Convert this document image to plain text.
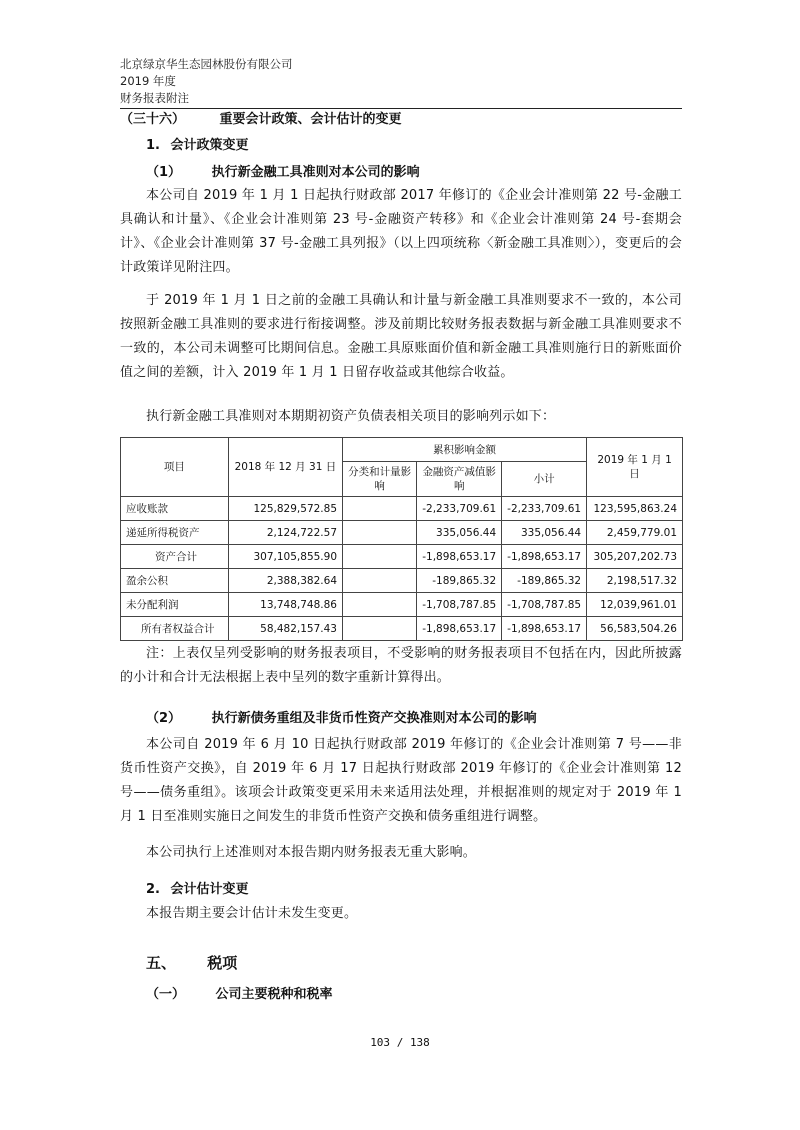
北京绿京华生态园林股份有限公司
2019 年度
财务报表附注
（三十六）	重要会计政策、会计估计的变更
1. 会计政策变更
（1） 执行新金融工具准则对本公司的影响
本公司自 2019 年 1 月 1 日起执行财政部 2017 年修订的《企业会计准则第 22 号-金融工具确认和计量》、《企业会计准则第 23 号-金融资产转移》和《企业会计准则第 24 号-套期会计》、《企业会计准则第 37 号-金融工具列报》（以上四项统称〈新金融工具准则〉），变更后的会计政策详见附注四。
于 2019 年 1 月 1 日之前的金融工具确认和计量与新金融工具准则要求不一致的，本公司按照新金融工具准则的要求进行衔接调整。涉及前期比较财务报表数据与新金融工具准则要求不一致的，本公司未调整可比期间信息。金融工具原账面价值和新金融工具准则施行日的新账面价值之间的差额，计入 2019 年 1 月 1 日留存收益或其他综合收益。
执行新金融工具准则对本期期初资产负债表相关项目的影响列示如下：
项目	2018 年 12 月 31 日	累积影响金额			2019 年 1 月 1 日
		分类和计量影响	金融资产减值影响	小计	
应收账款	125,829,572.85		-2,233,709.61	-2,233,709.61	123,595,863.24
递延所得税资产	2,124,722.57		335,056.44	335,056.44	2,459,779.01
资产合计	307,105,855.90		-1,898,653.17	-1,898,653.17	305,207,202.73
盈余公积	2,388,382.64		-189,865.32	-189,865.32	2,198,517.32
未分配利润	13,748,748.86		-1,708,787.85	-1,708,787.85	12,039,961.01
所有者权益合计	58,482,157.43		-1,898,653.17	-1,898,653.17	56,583,504.26
注：上表仅呈列受影响的财务报表项目，不受影响的财务报表项目不包括在内，因此所披露的小计和合计无法根据上表中呈列的数字重新计算得出。
（2） 执行新债务重组及非货币性资产交换准则对本公司的影响
本公司自 2019 年 6 月 10 日起执行财政部 2019 年修订的《企业会计准则第 7 号——非货币性资产交换》，自 2019 年 6 月 17 日起执行财政部 2019 年修订的《企业会计准则第 12 号——债务重组》。该项会计政策变更采用未来适用法处理，并根据准则的规定对于 2019 年 1 月 1 日至准则实施日之间发生的非货币性资产交换和债务重组进行调整。
本公司执行上述准则对本报告期内财务报表无重大影响。
2. 会计估计变更
本报告期主要会计估计未发生变更。
五、 税项
（一） 公司主要税种和税率
103 / 138
